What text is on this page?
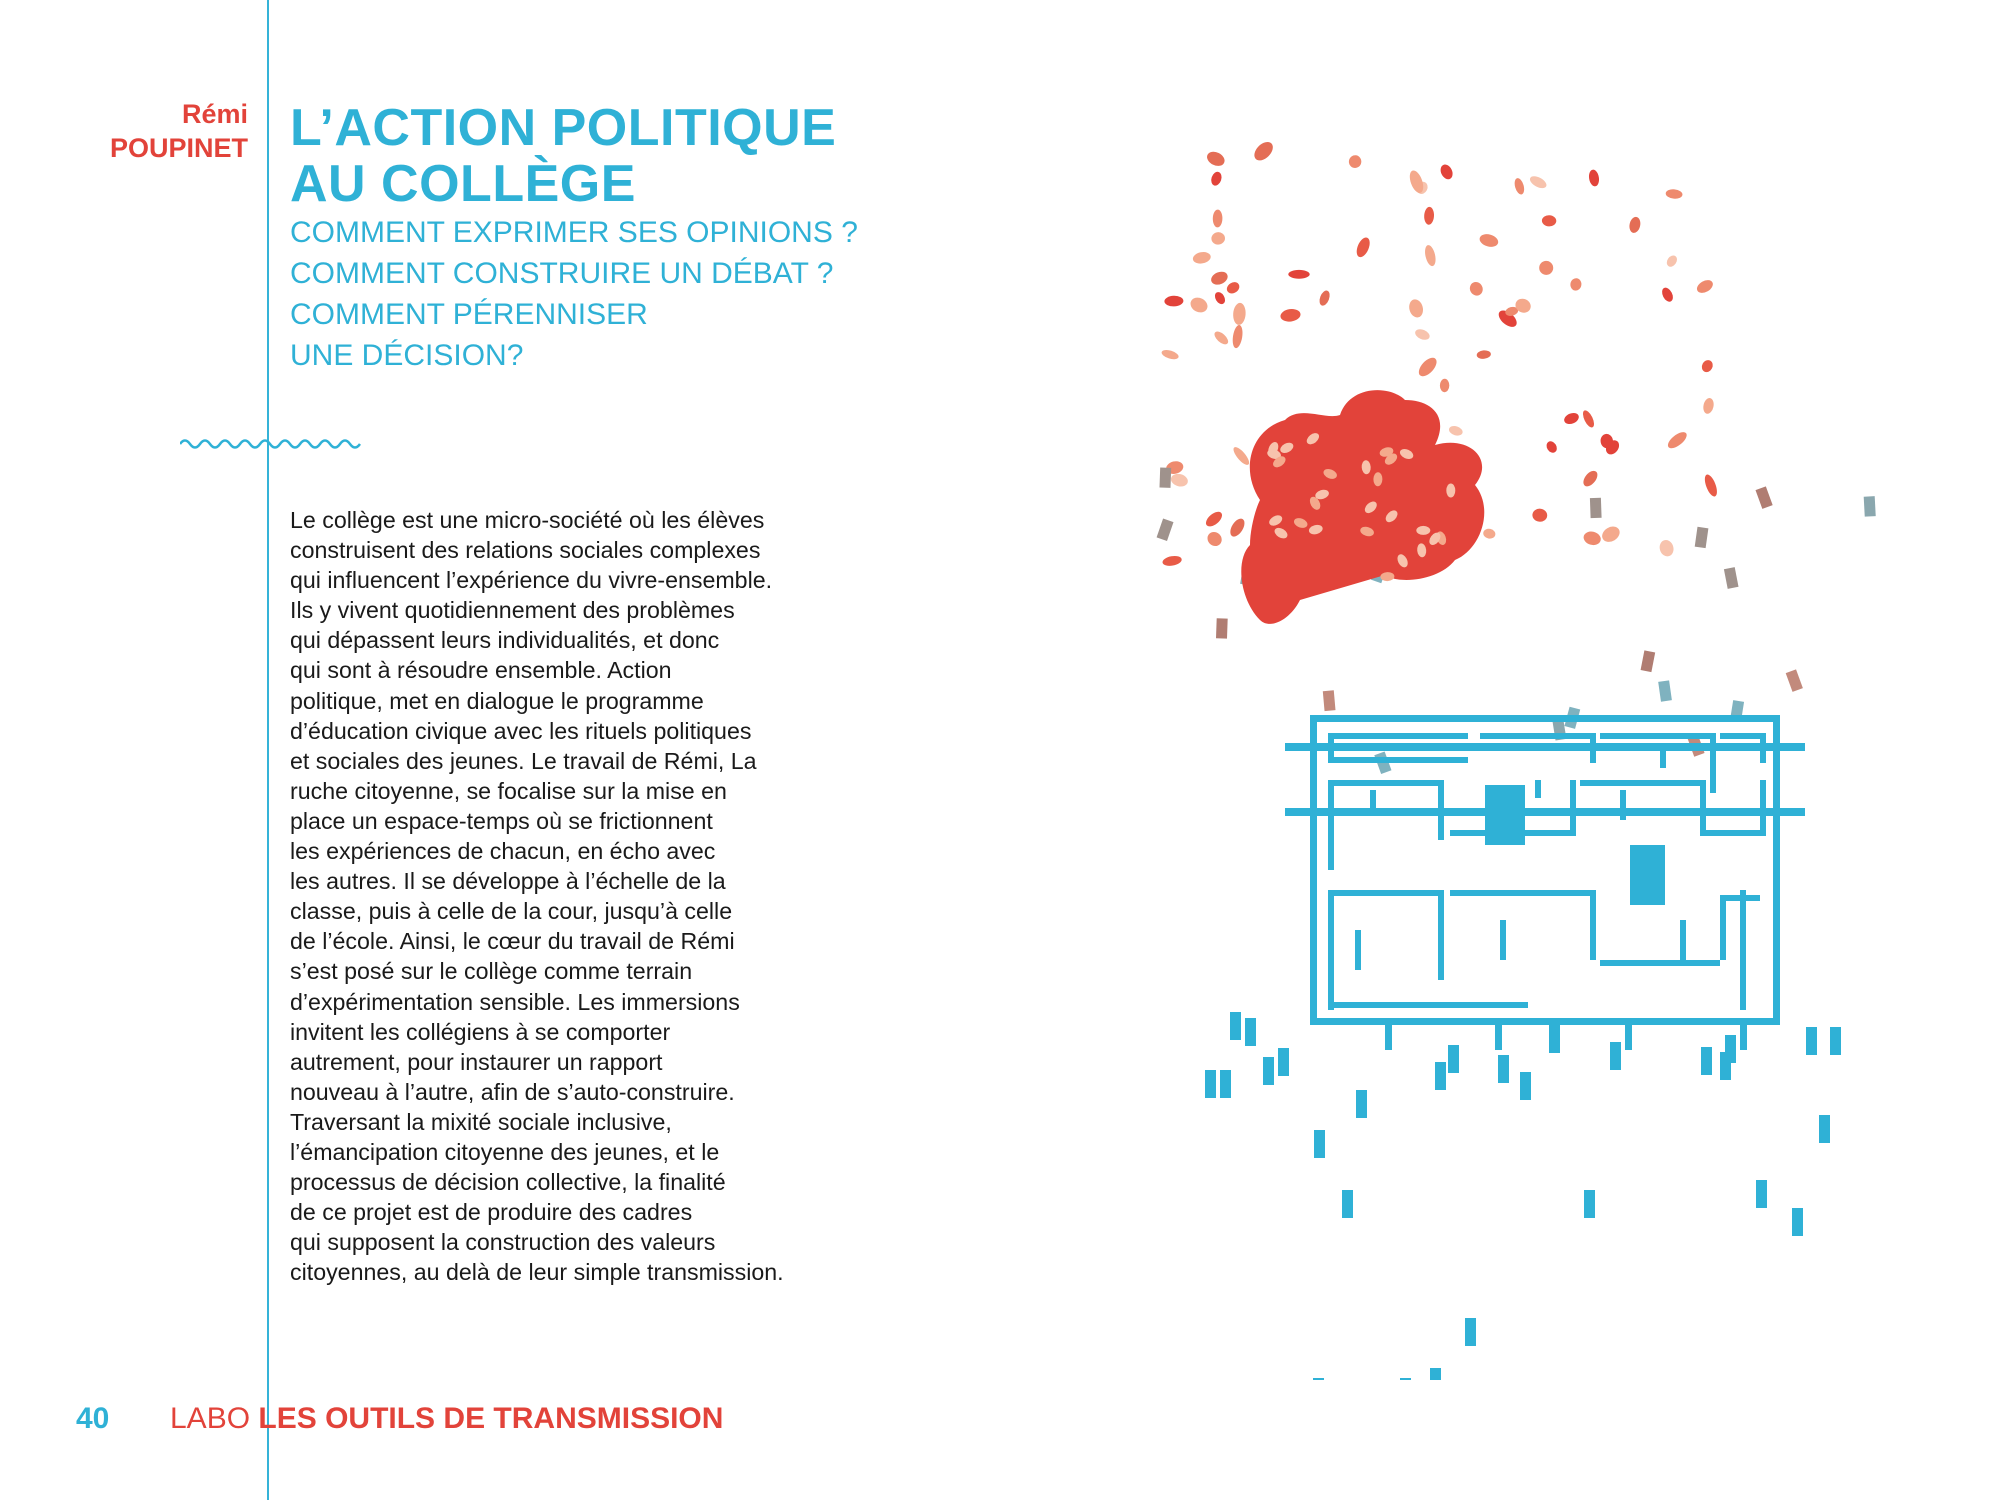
Rémi
POUPINET L’ACTION POLITIQUE
AU COLLÈGE
COMMENT EXPRIMER SES OPINIONS ?
COMMENT CONSTRUIRE UN DÉBAT ?
COMMENT PÉRENNISER
UNE DÉCISION?
Le collège est une micro-société où les élèves
construisent des relations sociales complexes
qui influencent l’expérience du vivre-ensemble.
Ils y vivent quotidiennement des problèmes
qui dépassent leurs individualités, et donc
qui sont à résoudre ensemble. Action
politique, met en dialogue le programme
d’éducation civique avec les rituels politiques
et sociales des jeunes. Le travail de Rémi, La
ruche citoyenne, se focalise sur la mise en
place un espace-temps où se frictionnent
les expériences de chacun, en écho avec
les autres. Il se développe à l’échelle de la
classe, puis à celle de la cour, jusqu’à celle
de l’école. Ainsi, le cœur du travail de Rémi
s’est posé sur le collège comme terrain
d’expérimentation sensible. Les immersions
invitent les collégiens à se comporter
autrement, pour instaurer un rapport
nouveau à l’autre, afin de s’auto-construire.
Traversant la mixité sociale inclusive,
l’émancipation citoyenne des jeunes, et le
processus de décision collective, la finalité
de ce projet est de produire des cadres
qui supposent la construction des valeurs
citoyennes, au delà de leur simple transmission.
40 LABO LES OUTILS DE TRANSMISSION
